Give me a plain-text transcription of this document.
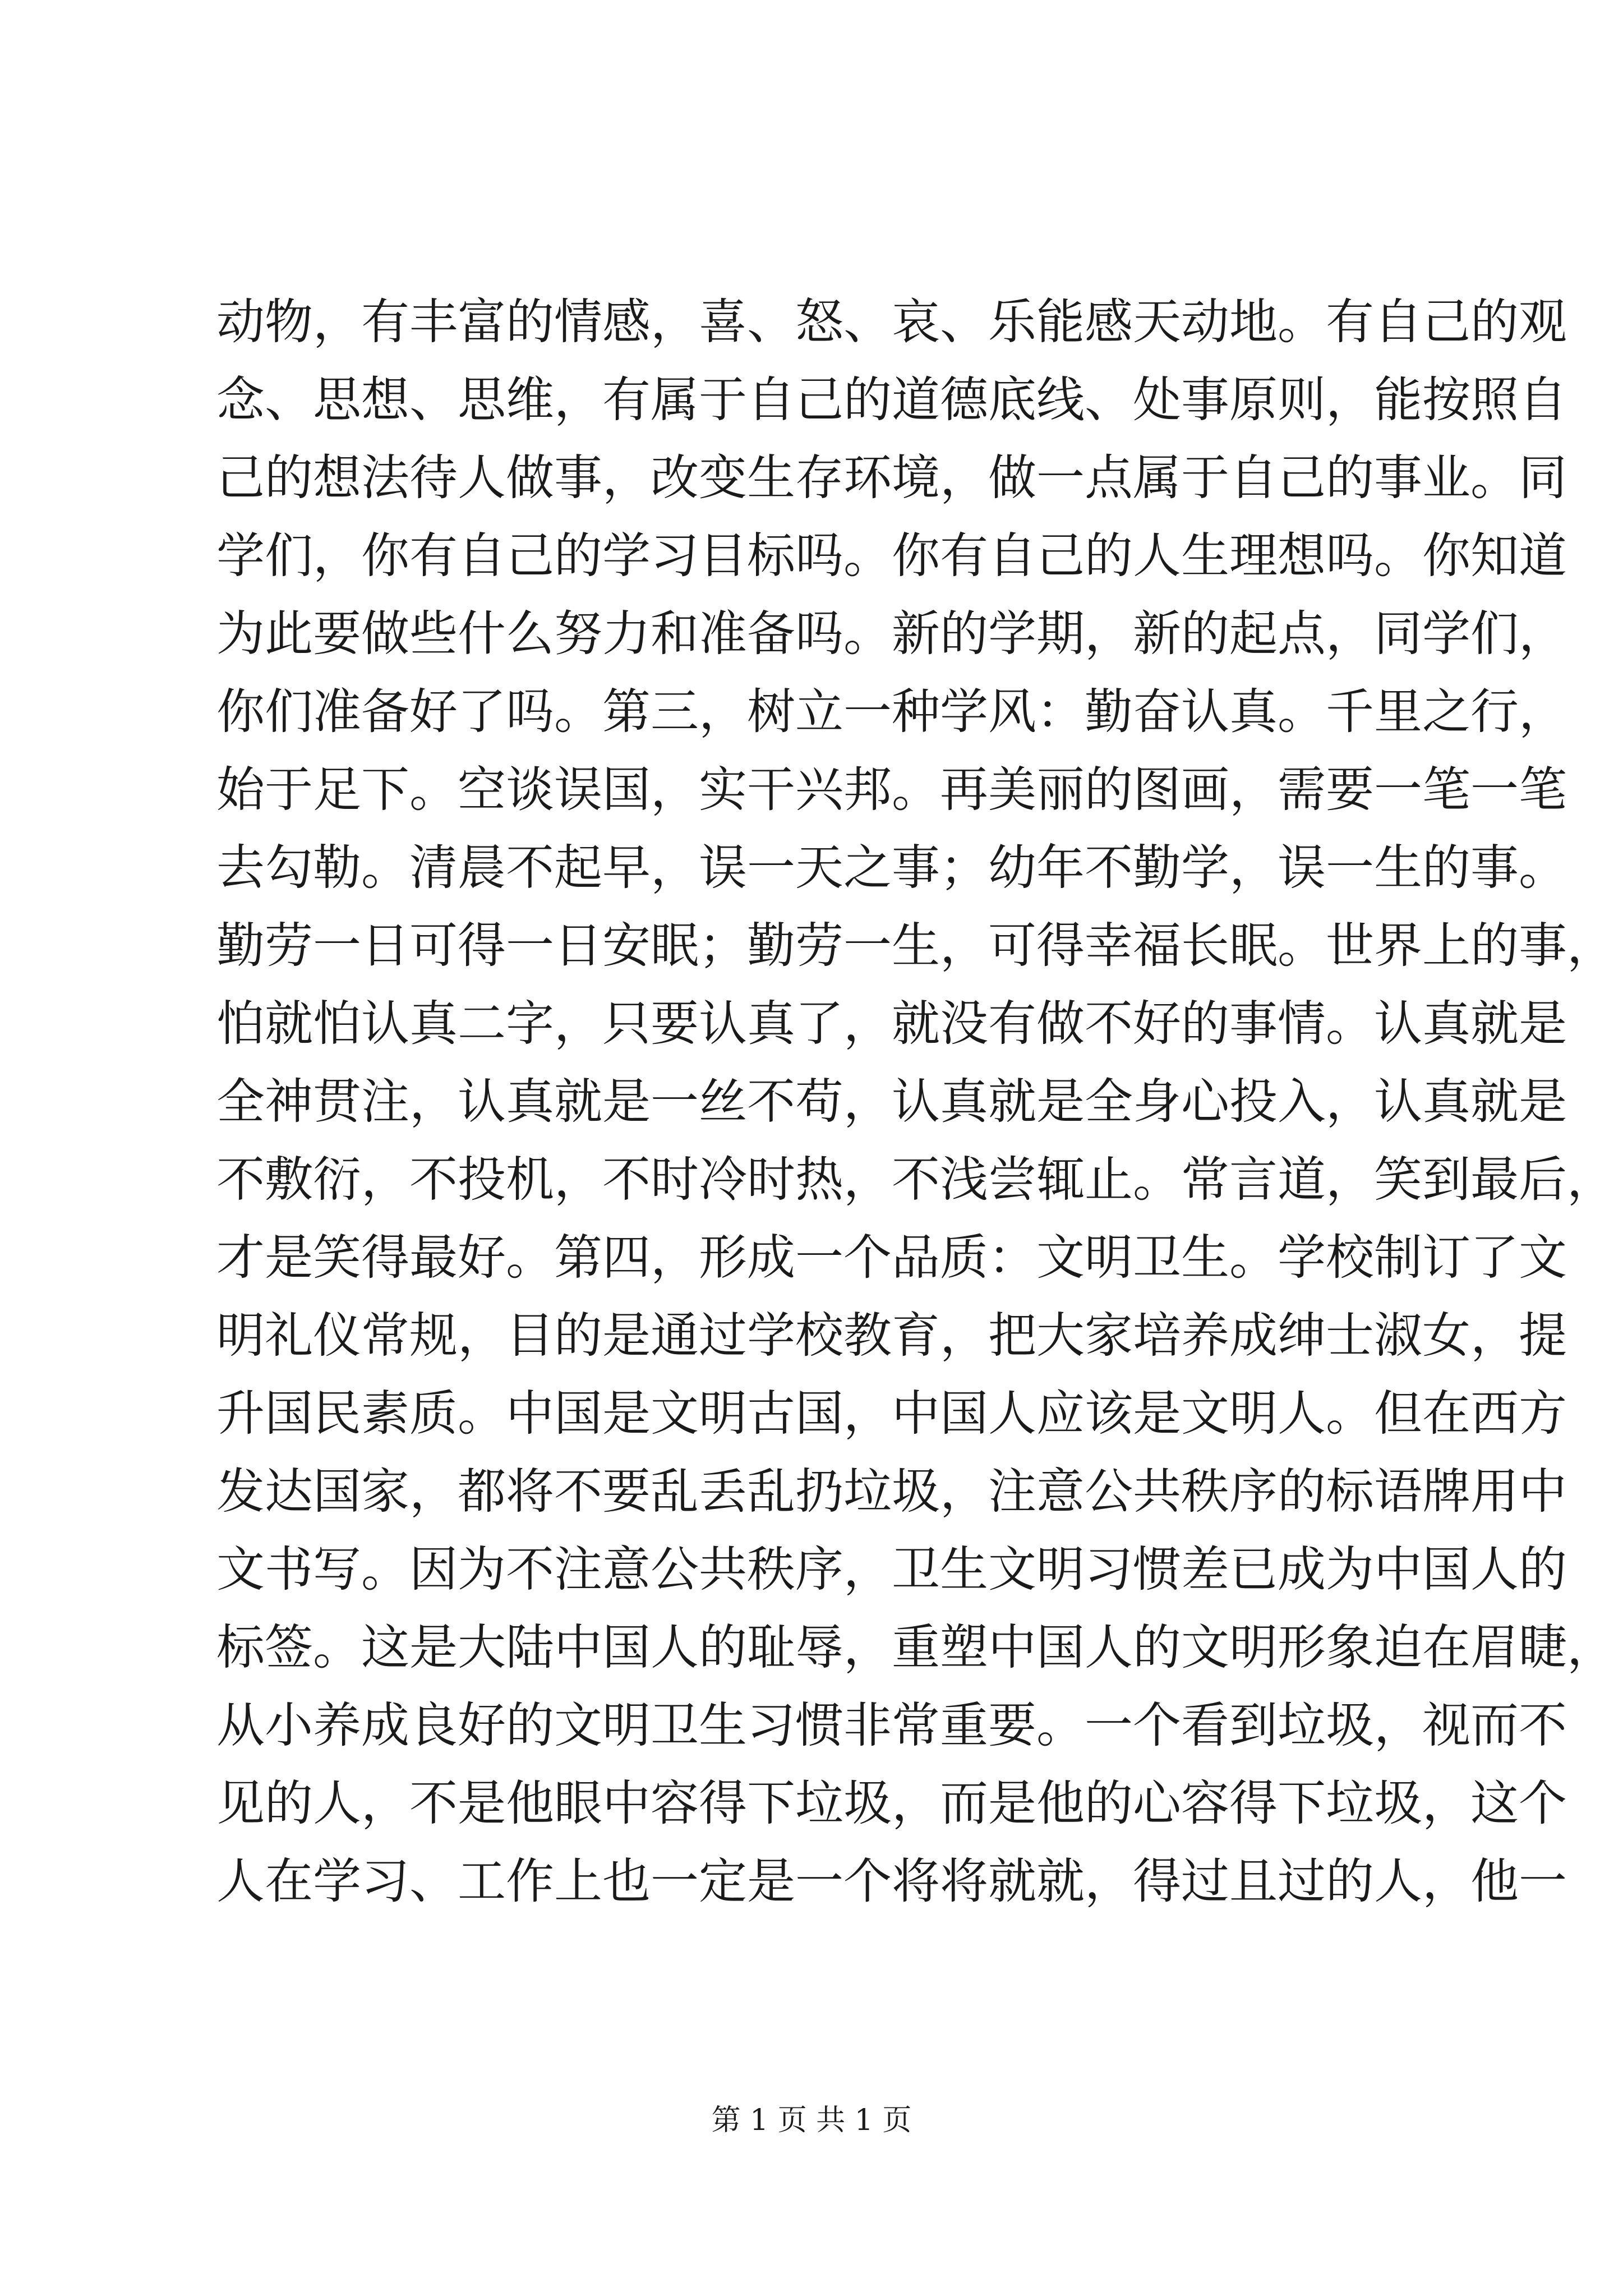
动物，有丰富的情感，喜、怒、哀、乐能感天动地。有自己的观
念、思想、思维，有属于自己的道德底线、处事原则，能按照自
己的想法待人做事，改变生存环境，做一点属于自己的事业。同
学们，你有自己的学习目标吗。你有自己的人生理想吗。你知道
为此要做些什么努力和准备吗。新的学期，新的起点，同学们，
你们准备好了吗。第三，树立一种学风：勤奋认真。千里之行，
始于足下。空谈误国，实干兴邦。再美丽的图画，需要一笔一笔
去勾勒。清晨不起早，误一天之事；幼年不勤学，误一生的事。
勤劳一日可得一日安眠；勤劳一生，可得幸福长眠。世界上的事，
怕就怕认真二字，只要认真了，就没有做不好的事情。认真就是
全神贯注，认真就是一丝不苟，认真就是全身心投入，认真就是
不敷衍，不投机，不时冷时热，不浅尝辄止。常言道，笑到最后，
才是笑得最好。第四，形成一个品质：文明卫生。学校制订了文
明礼仪常规，目的是通过学校教育，把大家培养成绅士淑女，提
升国民素质。中国是文明古国，中国人应该是文明人。但在西方
发达国家，都将不要乱丢乱扔垃圾，注意公共秩序的标语牌用中
文书写。因为不注意公共秩序，卫生文明习惯差已成为中国人的
标签。这是大陆中国人的耻辱，重塑中国人的文明形象迫在眉睫，
从小养成良好的文明卫生习惯非常重要。一个看到垃圾，视而不
见的人，不是他眼中容得下垃圾，而是他的心容得下垃圾，这个
人在学习、工作上也一定是一个将将就就，得过且过的人，他一
第 1 页 共 1 页
